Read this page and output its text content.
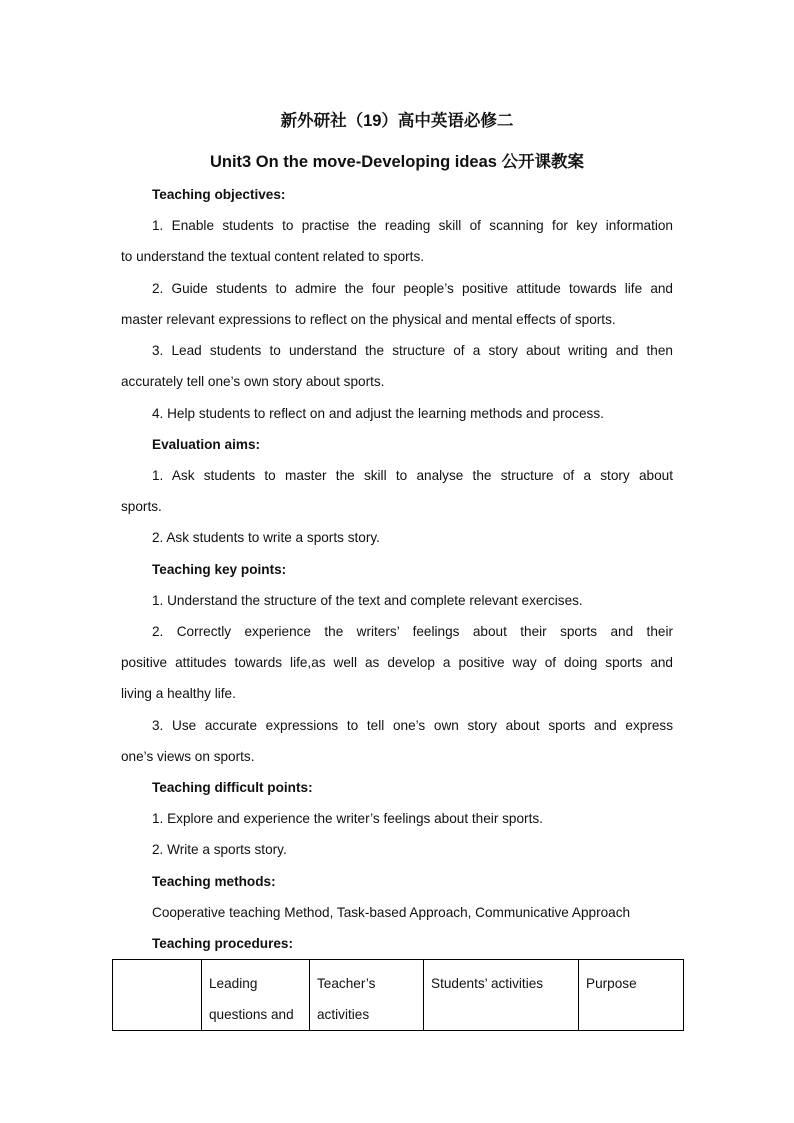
新外研社（19）高中英语必修二
Unit3 On the move-Developing ideas 公开课教案
Teaching objectives:
1. Enable students to practise the reading skill of scanning for key information
to understand the textual content related to sports.
2. Guide students to admire the four people’s positive attitude towards life and
master relevant expressions to reflect on the physical and mental effects of sports.
3. Lead students to understand the structure of a story about writing and then
accurately tell one’s own story about sports.
4. Help students to reflect on and adjust the learning methods and process.
Evaluation aims:
1. Ask students to master the skill to analyse the structure of a story about
sports.
2. Ask students to write a sports story.
Teaching key points:
1. Understand the structure of the text and complete relevant exercises.
2. Correctly experience the writers’ feelings about their sports and their
positive attitudes towards life,as well as develop a positive way of doing sports and
living a healthy life.
3. Use accurate expressions to tell one’s own story about sports and express
one’s views on sports.
Teaching difficult points:
1. Explore and experience the writer’s feelings about their sports.
2. Write a sports story.
Teaching methods:
Cooperative teaching Method, Task-based Approach, Communicative Approach
Teaching procedures:
	Leading questions and	Teacher’s activities	Students’ activities	Purpose
